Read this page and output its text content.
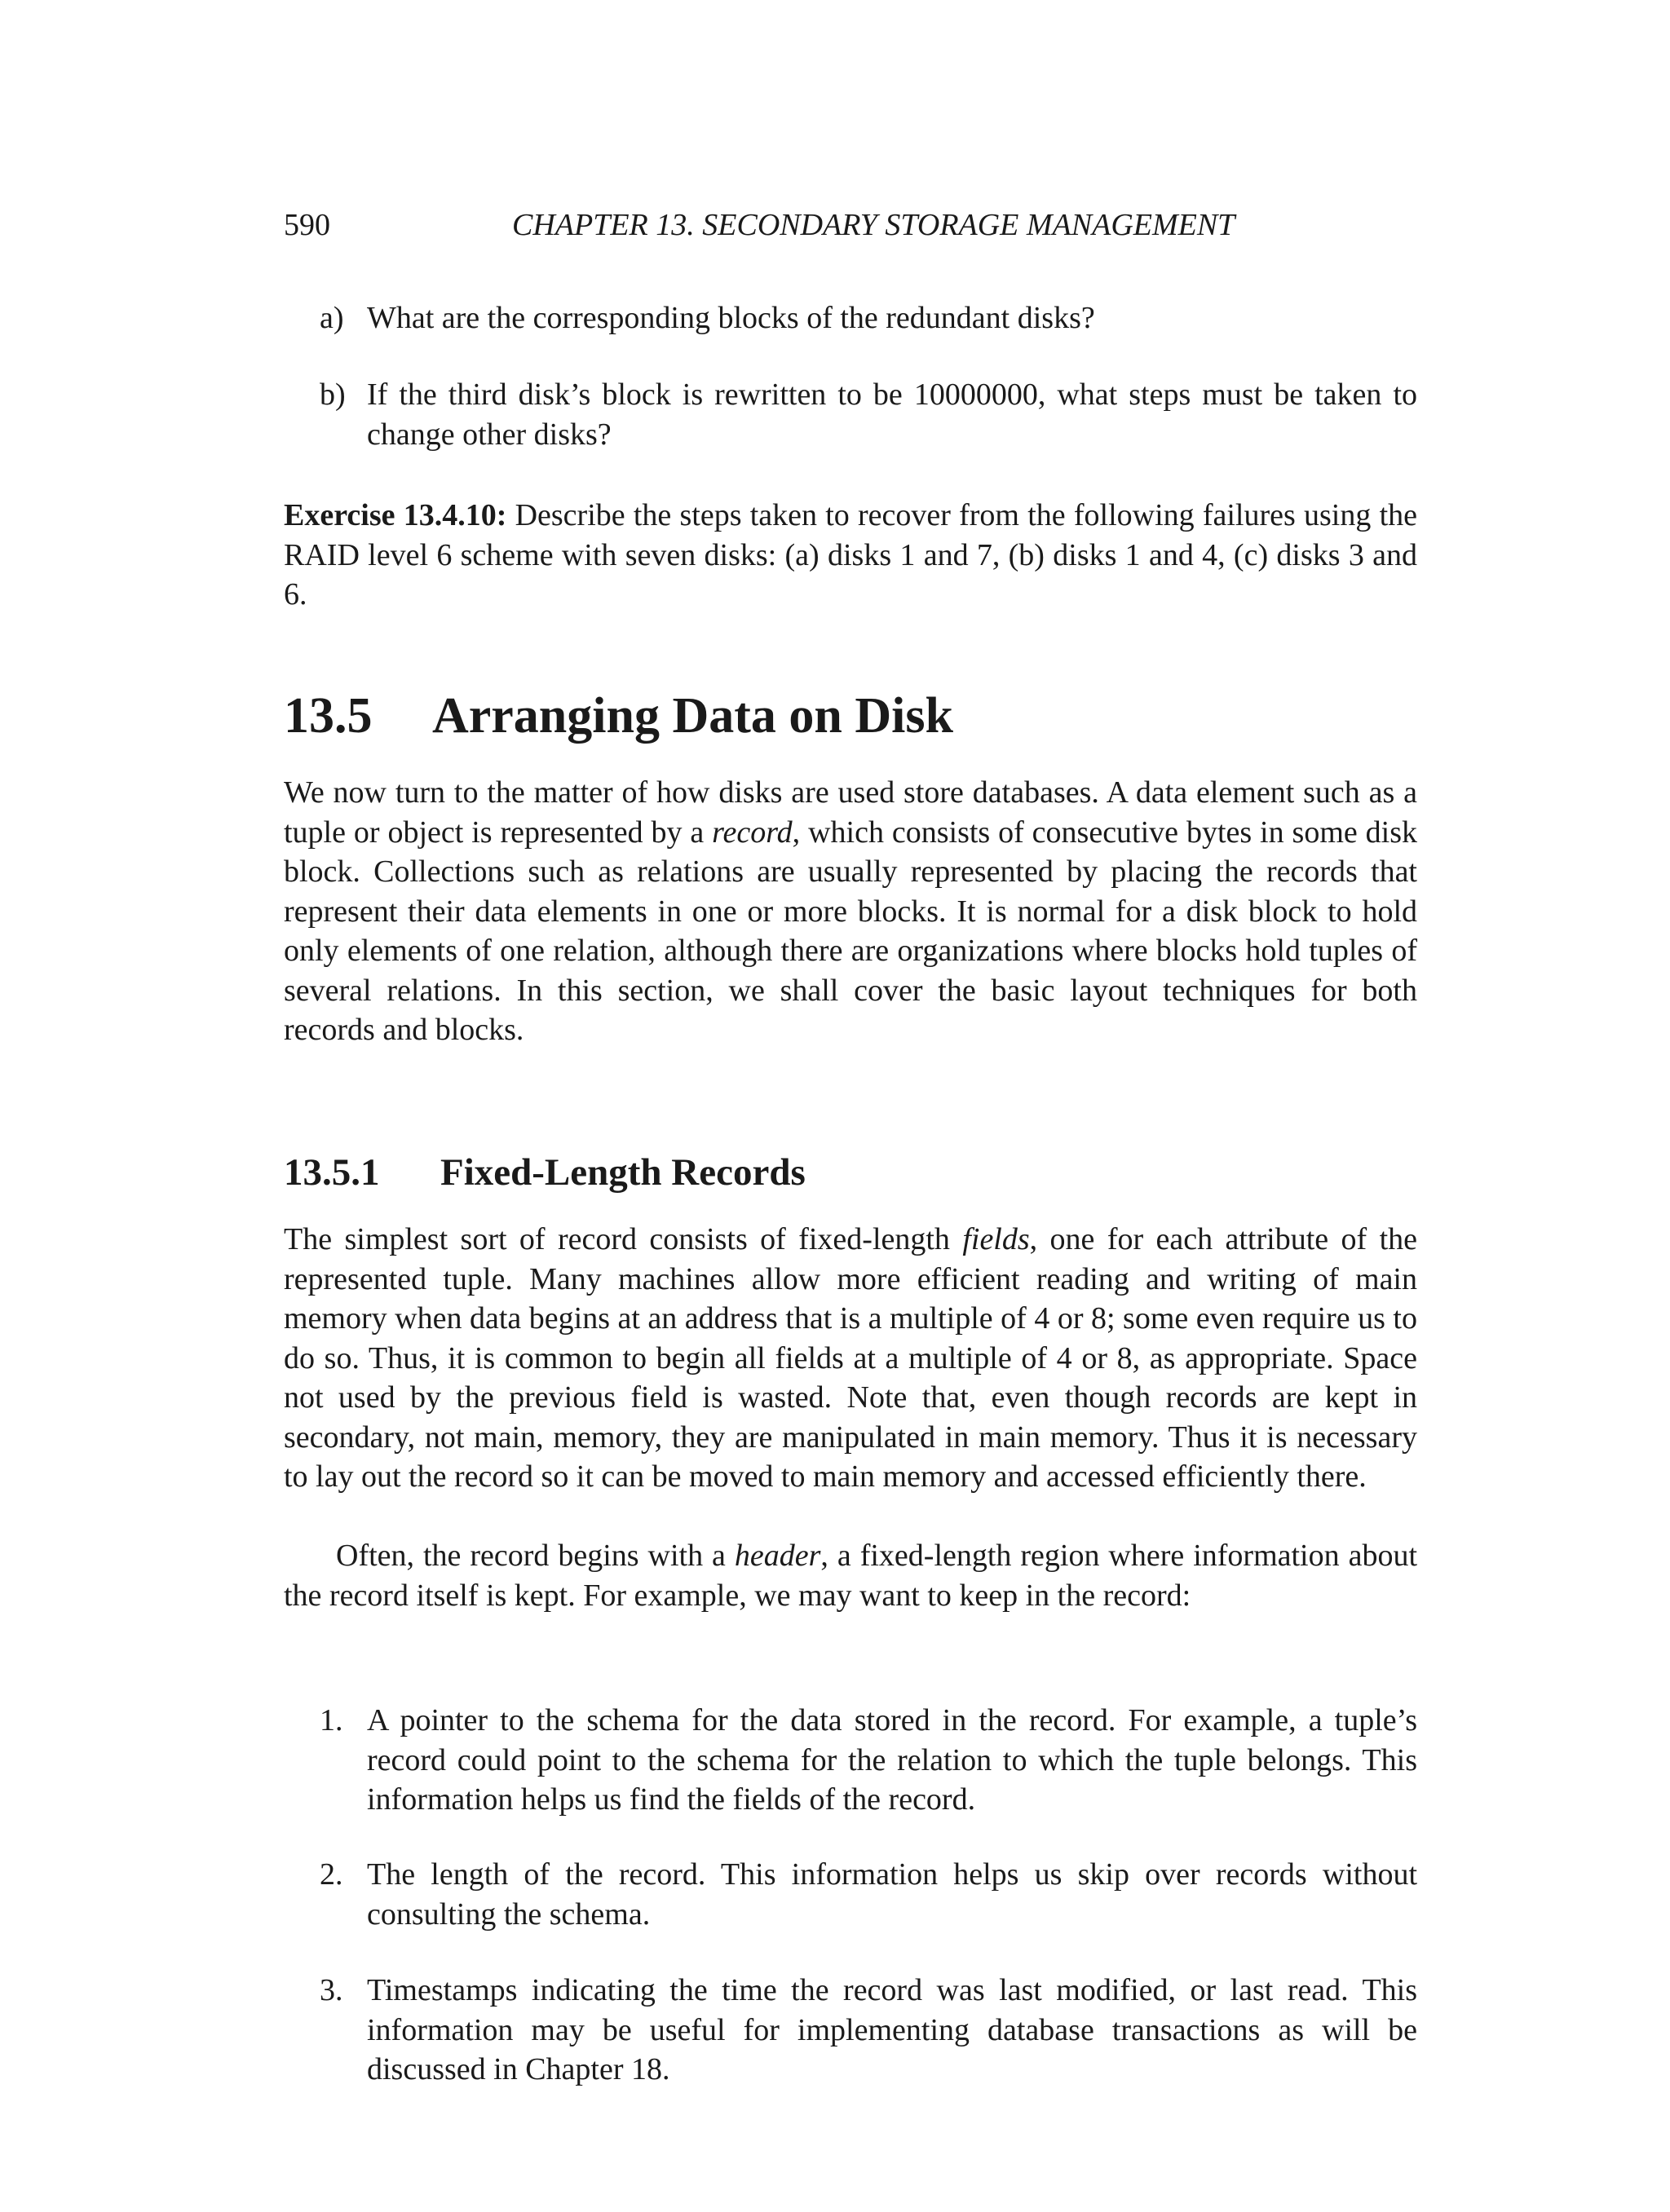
590	CHAPTER 13. SECONDARY STORAGE MANAGEMENT
a) What are the corresponding blocks of the redundant disks?
b) If the third disk’s block is rewritten to be 10000000, what steps must be taken to change other disks?
Exercise 13.4.10: Describe the steps taken to recover from the following failures using the RAID level 6 scheme with seven disks: (a) disks 1 and 7, (b) disks 1 and 4, (c) disks 3 and 6.
13.5 Arranging Data on Disk
We now turn to the matter of how disks are used store databases. A data element such as a tuple or object is represented by a record, which consists of consecutive bytes in some disk block. Collections such as relations are usually represented by placing the records that represent their data elements in one or more blocks. It is normal for a disk block to hold only elements of one relation, although there are organizations where blocks hold tuples of several relations. In this section, we shall cover the basic layout techniques for both records and blocks.
13.5.1 Fixed-Length Records
The simplest sort of record consists of fixed-length fields, one for each attribute of the represented tuple. Many machines allow more efficient reading and writing of main memory when data begins at an address that is a multiple of 4 or 8; some even require us to do so. Thus, it is common to begin all fields at a multiple of 4 or 8, as appropriate. Space not used by the previous field is wasted. Note that, even though records are kept in secondary, not main, memory, they are manipulated in main memory. Thus it is necessary to lay out the record so it can be moved to main memory and accessed efficiently there.
Often, the record begins with a header, a fixed-length region where information about the record itself is kept. For example, we may want to keep in the record:
1. A pointer to the schema for the data stored in the record. For example, a tuple’s record could point to the schema for the relation to which the tuple belongs. This information helps us find the fields of the record.
2. The length of the record. This information helps us skip over records without consulting the schema.
3. Timestamps indicating the time the record was last modified, or last read. This information may be useful for implementing database transactions as will be discussed in Chapter 18.
